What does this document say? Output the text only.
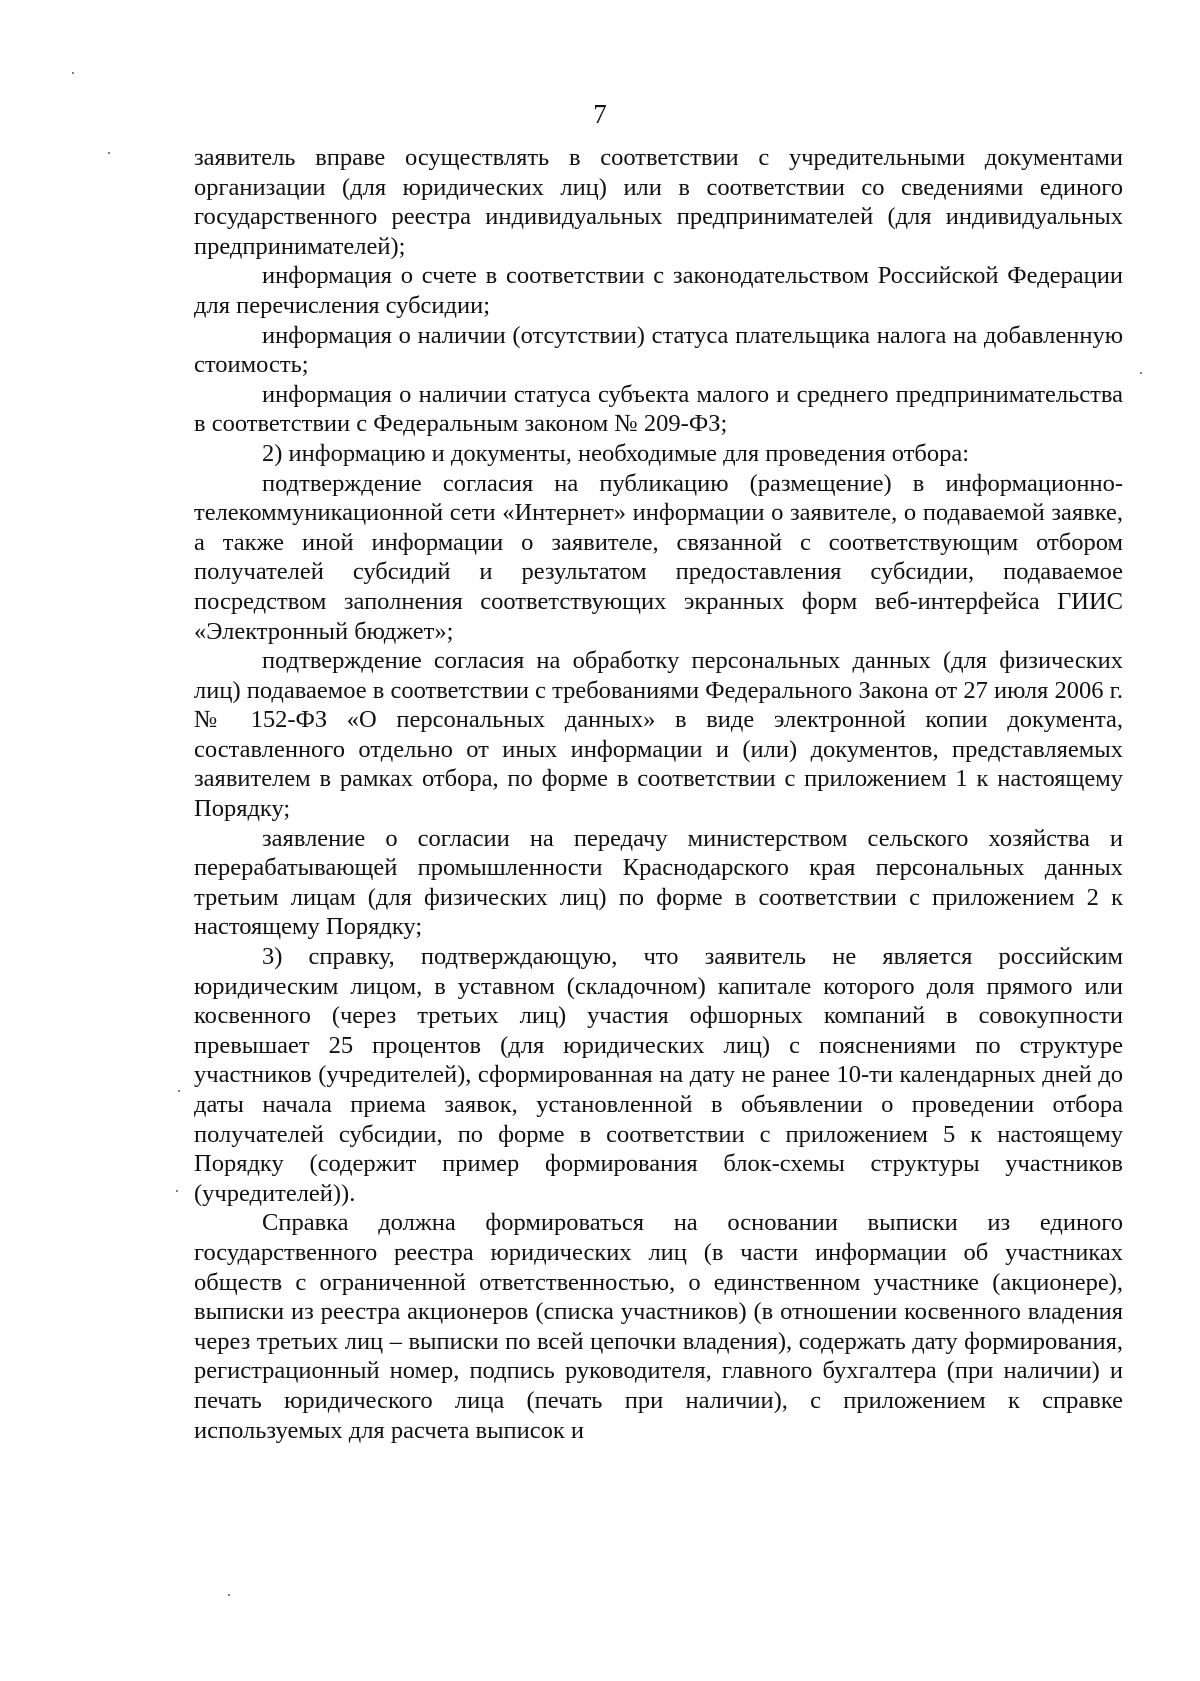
7

заявитель вправе осуществлять в соответствии с учредительными документами организации (для юридических лиц) или в соответствии со сведениями единого государственного реестра индивидуальных предпринимателей (для индивидуальных предпринимателей);

информация о счете в соответствии с законодательством Российской Федерации для перечисления субсидии;

информация о наличии (отсутствии) статуса плательщика налога на добавленную стоимость;

информация о наличии статуса субъекта малого и среднего предпринимательства в соответствии с Федеральным законом № 209-ФЗ;

2) информацию и документы, необходимые для проведения отбора:

подтверждение согласия на публикацию (размещение) в информационно-телекоммуникационной сети «Интернет» информации о заявителе, о подаваемой заявке, а также иной информации о заявителе, связанной с соответствующим отбором получателей субсидий и результатом предоставления субсидии, подаваемое посредством заполнения соответствующих экранных форм веб-интерфейса ГИИС «Электронный бюджет»;

подтверждение согласия на обработку персональных данных (для физических лиц) подаваемое в соответствии с требованиями Федерального Закона от 27 июля 2006 г. № 152-ФЗ «О персональных данных» в виде электронной копии документа, составленного отдельно от иных информации и (или) документов, представляемых заявителем в рамках отбора, по форме в соответствии с приложением 1 к настоящему Порядку;

заявление о согласии на передачу министерством сельского хозяйства и перерабатывающей промышленности Краснодарского края персональных данных третьим лицам (для физических лиц) по форме в соответствии с приложением 2 к настоящему Порядку;

3) справку, подтверждающую, что заявитель не является российским юридическим лицом, в уставном (складочном) капитале которого доля прямого или косвенного (через третьих лиц) участия офшорных компаний в совокупности превышает 25 процентов (для юридических лиц) с пояснениями по структуре участников (учредителей), сформированная на дату не ранее 10-ти календарных дней до даты начала приема заявок, установленной в объявлении о проведении отбора получателей субсидии, по форме в соответствии с приложением 5 к настоящему Порядку (содержит пример формирования блок-схемы структуры участников (учредителей)).

Справка должна формироваться на основании выписки из единого государственного реестра юридических лиц (в части информации об участниках обществ с ограниченной ответственностью, о единственном участнике (акционере), выписки из реестра акционеров (списка участников) (в отношении косвенного владения через третьих лиц – выписки по всей цепочки владения), содержать дату формирования, регистрационный номер, подпись руководителя, главного бухгалтера (при наличии) и печать юридического лица (печать при наличии), с приложением к справке используемых для расчета выписок и
